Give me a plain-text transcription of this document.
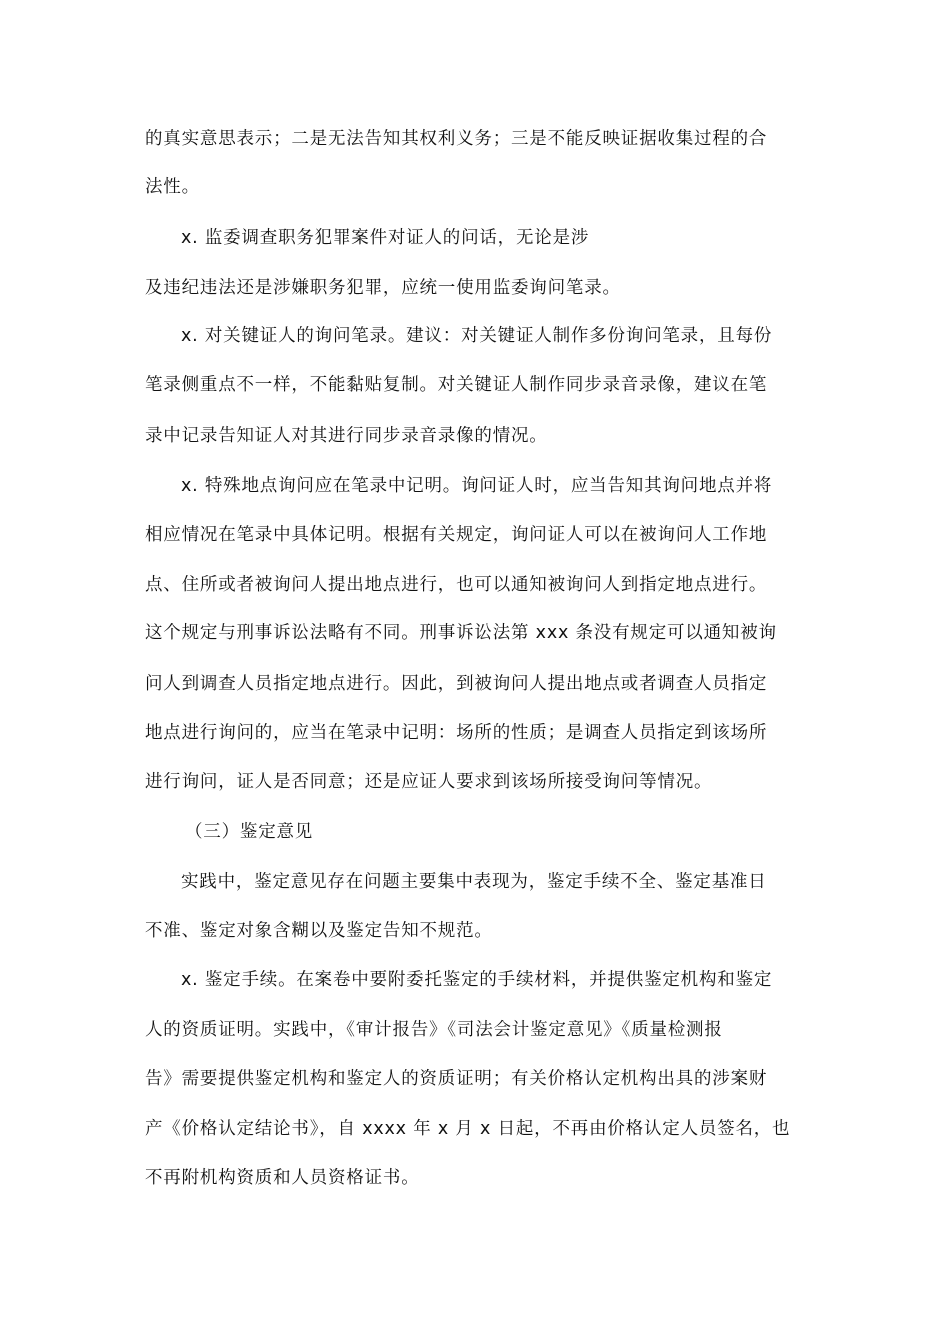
的真实意思表示；二是无法告知其权利义务；三是不能反映证据收集过程的合
法性。
x. 监委调查职务犯罪案件对证人的问话，无论是涉
及违纪违法还是涉嫌职务犯罪，应统一使用监委询问笔录。
x. 对关键证人的询问笔录。建议：对关键证人制作多份询问笔录，且每份
笔录侧重点不一样，不能黏贴复制。对关键证人制作同步录音录像，建议在笔
录中记录告知证人对其进行同步录音录像的情况。
x. 特殊地点询问应在笔录中记明。询问证人时，应当告知其询问地点并将
相应情况在笔录中具体记明。根据有关规定，询问证人可以在被询问人工作地
点、住所或者被询问人提出地点进行，也可以通知被询问人到指定地点进行。
这个规定与刑事诉讼法略有不同。刑事诉讼法第 xxx 条没有规定可以通知被询
问人到调查人员指定地点进行。因此，到被询问人提出地点或者调查人员指定
地点进行询问的，应当在笔录中记明：场所的性质；是调查人员指定到该场所
进行询问，证人是否同意；还是应证人要求到该场所接受询问等情况。
（三）鉴定意见
实践中，鉴定意见存在问题主要集中表现为，鉴定手续不全、鉴定基准日
不准、鉴定对象含糊以及鉴定告知不规范。
x. 鉴定手续。在案卷中要附委托鉴定的手续材料，并提供鉴定机构和鉴定
人的资质证明。实践中，《审计报告》《司法会计鉴定意见》《质量检测报
告》需要提供鉴定机构和鉴定人的资质证明；有关价格认定机构出具的涉案财
产《价格认定结论书》，自 xxxx 年 x 月 x 日起，不再由价格认定人员签名，也
不再附机构资质和人员资格证书。
